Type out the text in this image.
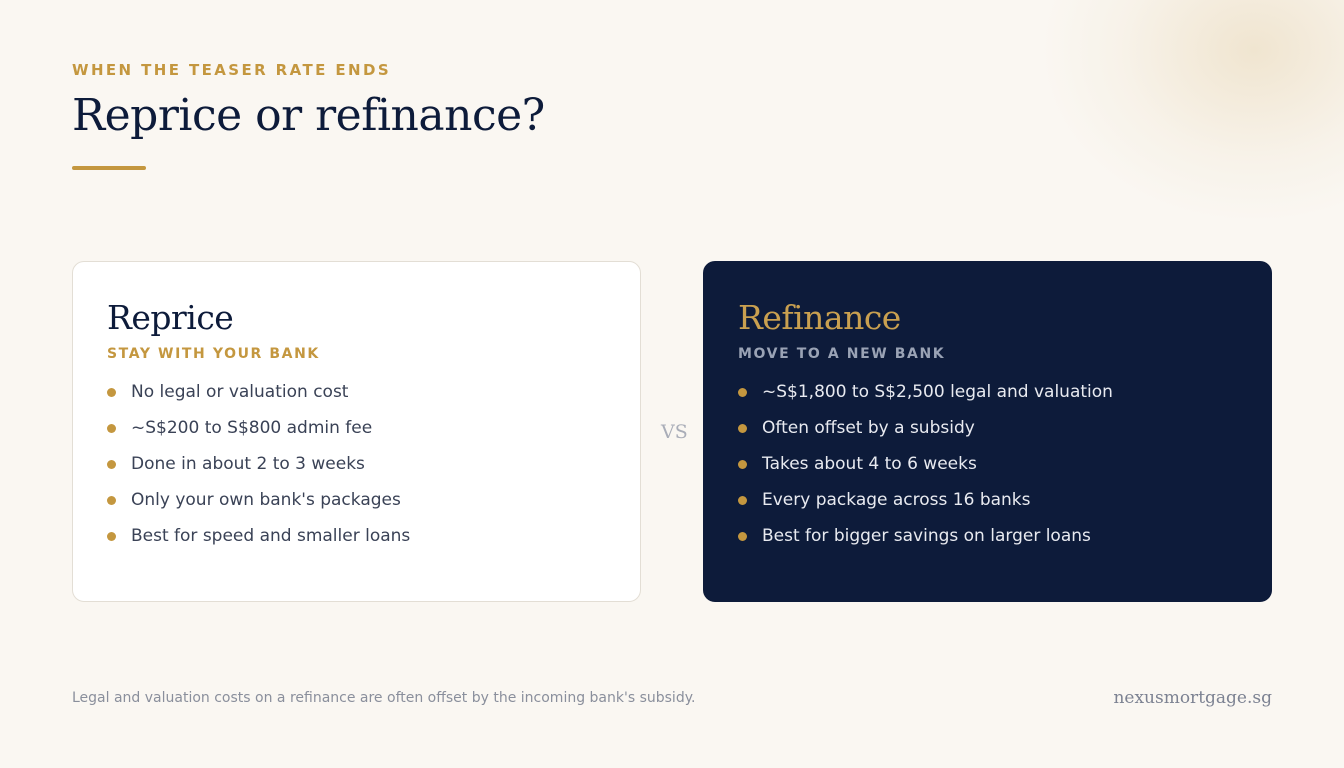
WHEN THE TEASER RATE ENDS
Reprice or refinance?
Reprice
STAY WITH YOUR BANK
No legal or valuation cost
~S$200 to S$800 admin fee
Done in about 2 to 3 weeks
Only your own bank's packages
Best for speed and smaller loans
VS
Refinance
MOVE TO A NEW BANK
~S$1,800 to S$2,500 legal and valuation
Often offset by a subsidy
Takes about 4 to 6 weeks
Every package across 16 banks
Best for bigger savings on larger loans
Legal and valuation costs on a refinance are often offset by the incoming bank's subsidy.	nexusmortgage.sg
